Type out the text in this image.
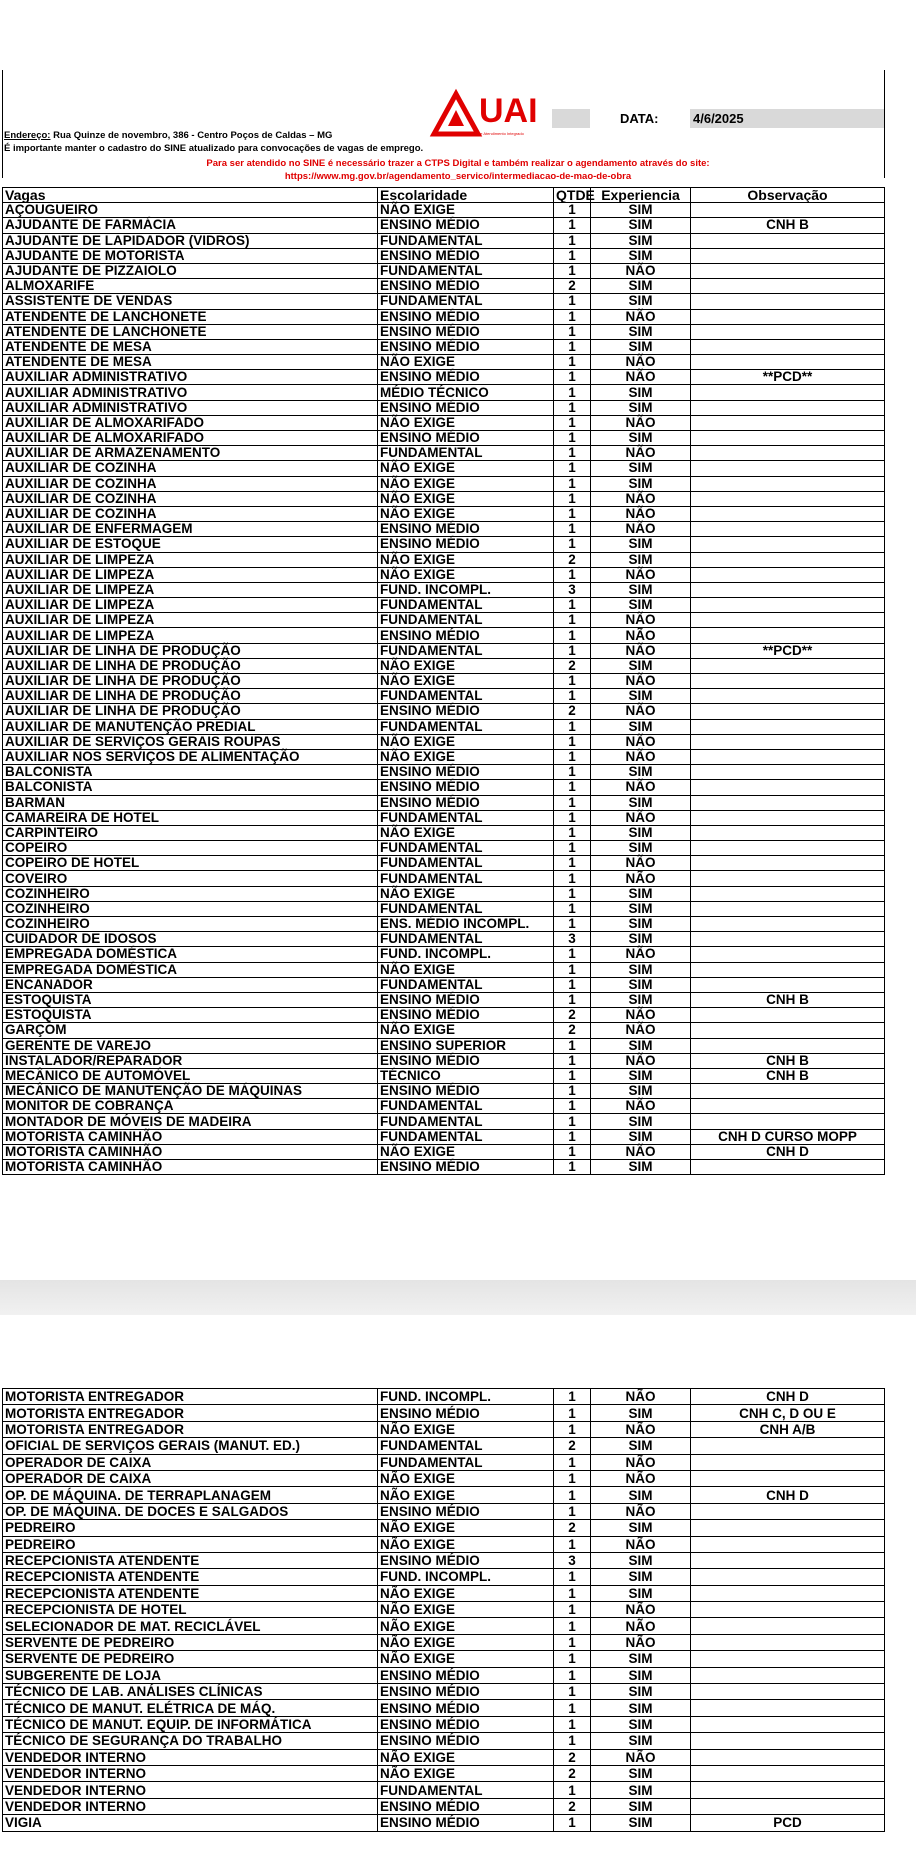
UAI
Unidade de Atendimento Integrado
DATA:	4/6/2025
Endereço: Rua Quinze de novembro, 386 - Centro Poços de Caldas – MG
É importante manter o cadastro do SINE atualizado para convocações de vagas de emprego.
Para ser atendido no SINE é necessário trazer a CTPS Digital e também realizar o agendamento através do site:
https://www.mg.gov.br/agendamento_servico/intermediacao-de-mao-de-obra
Vagas	Escolaridade	QTDE	Experiencia	Observação
AÇOUGUEIRO	NÃO EXIGE	1	SIM	
AJUDANTE DE FARMÁCIA	ENSINO MÉDIO	1	SIM	CNH B
AJUDANTE DE LAPIDADOR (VIDROS)	FUNDAMENTAL	1	SIM	
AJUDANTE DE MOTORISTA	ENSINO MÉDIO	1	SIM	
AJUDANTE DE PIZZAIOLO	FUNDAMENTAL	1	NÃO	
ALMOXARIFE	ENSINO MÉDIO	2	SIM	
ASSISTENTE DE VENDAS	FUNDAMENTAL	1	SIM	
ATENDENTE DE LANCHONETE	ENSINO MÉDIO	1	NÃO	
ATENDENTE DE LANCHONETE	ENSINO MÉDIO	1	SIM	
ATENDENTE DE MESA	ENSINO MÉDIO	1	SIM	
ATENDENTE DE MESA	NÃO EXIGE	1	NÃO	
AUXILIAR ADMINISTRATIVO	ENSINO MÉDIO	1	NÃO	**PCD**
AUXILIAR ADMINISTRATIVO	MÉDIO TÉCNICO	1	SIM	
AUXILIAR ADMINISTRATIVO	ENSINO MÉDIO	1	SIM	
AUXILIAR DE ALMOXARIFADO	NÃO EXIGE	1	NÃO	
AUXILIAR DE ALMOXARIFADO	ENSINO MÉDIO	1	SIM	
AUXILIAR DE ARMAZENAMENTO	FUNDAMENTAL	1	NÃO	
AUXILIAR DE COZINHA	NÃO EXIGE	1	SIM	
AUXILIAR DE COZINHA	NÃO EXIGE	1	SIM	
AUXILIAR DE COZINHA	NÃO EXIGE	1	NÃO	
AUXILIAR DE COZINHA	NÃO EXIGE	1	NÃO	
AUXILIAR DE ENFERMAGEM	ENSINO MÉDIO	1	NÃO	
AUXILIAR DE ESTOQUE	ENSINO MÉDIO	1	SIM	
AUXILIAR DE LIMPEZA	NÃO EXIGE	2	SIM	
AUXILIAR DE LIMPEZA	NÃO EXIGE	1	NÃO	
AUXILIAR DE LIMPEZA	FUND. INCOMPL.	3	SIM	
AUXILIAR DE LIMPEZA	FUNDAMENTAL	1	SIM	
AUXILIAR DE LIMPEZA	FUNDAMENTAL	1	NÃO	
AUXILIAR DE LIMPEZA	ENSINO MÉDIO	1	NÃO	
AUXILIAR DE LINHA DE PRODUÇÃO	FUNDAMENTAL	1	NÃO	**PCD**
AUXILIAR DE LINHA DE PRODUÇÃO	NÃO EXIGE	2	SIM	
AUXILIAR DE LINHA DE PRODUÇÃO	NÃO EXIGE	1	NÃO	
AUXILIAR DE LINHA DE PRODUÇÃO	FUNDAMENTAL	1	SIM	
AUXILIAR DE LINHA DE PRODUÇÃO	ENSINO MÉDIO	2	NÃO	
AUXILIAR DE MANUTENÇÃO PREDIAL	FUNDAMENTAL	1	SIM	
AUXILIAR DE SERVIÇOS GERAIS ROUPAS	NÃO EXIGE	1	NÃO	
AUXILIAR NOS SERVIÇOS DE ALIMENTAÇÃO	NÃO EXIGE	1	NÃO	
BALCONISTA	ENSINO MÉDIO	1	SIM	
BALCONISTA	ENSINO MÉDIO	1	NÃO	
BARMAN	ENSINO MÉDIO	1	SIM	
CAMAREIRA DE HOTEL	FUNDAMENTAL	1	NÃO	
CARPINTEIRO	NÃO EXIGE	1	SIM	
COPEIRO	FUNDAMENTAL	1	SIM	
COPEIRO DE HOTEL	FUNDAMENTAL	1	NÃO	
COVEIRO	FUNDAMENTAL	1	NÃO	
COZINHEIRO	NÃO EXIGE	1	SIM	
COZINHEIRO	FUNDAMENTAL	1	SIM	
COZINHEIRO	ENS. MÉDIO INCOMPL.	1	SIM	
CUIDADOR DE IDOSOS	FUNDAMENTAL	3	SIM	
EMPREGADA DOMÉSTICA	FUND. INCOMPL.	1	NÃO	
EMPREGADA DOMÉSTICA	NÃO EXIGE	1	SIM	
ENCANADOR	FUNDAMENTAL	1	SIM	
ESTOQUISTA	ENSINO MÉDIO	1	SIM	CNH B
ESTOQUISTA	ENSINO MÉDIO	2	NÃO	
GARÇOM	NÃO EXIGE	2	NÃO	
GERENTE DE VAREJO	ENSINO SUPERIOR	1	SIM	
INSTALADOR/REPARADOR	ENSINO MÉDIO	1	NÃO	CNH B
MECÂNICO DE AUTOMÓVEL	TÉCNICO	1	SIM	CNH B
MECÂNICO DE MANUTENÇÃO DE MÁQUINAS	ENSINO MÉDIO	1	SIM	
MONITOR DE COBRANÇA	FUNDAMENTAL	1	NÃO	
MONTADOR DE MÓVEIS DE MADEIRA	FUNDAMENTAL	1	SIM	
MOTORISTA CAMINHÃO	FUNDAMENTAL	1	SIM	CNH D CURSO MOPP
MOTORISTA CAMINHÃO	NÃO EXIGE	1	NÃO	CNH D
MOTORISTA CAMINHÃO	ENSINO MÉDIO	1	SIM	
MOTORISTA ENTREGADOR	FUND. INCOMPL.	1	NÃO	CNH D
MOTORISTA ENTREGADOR	ENSINO MÉDIO	1	SIM	CNH C, D OU E
MOTORISTA ENTREGADOR	NÃO EXIGE	1	NÃO	CNH A/B
OFICIAL DE SERVIÇOS GERAIS (MANUT. ED.)	FUNDAMENTAL	2	SIM	
OPERADOR DE CAIXA	FUNDAMENTAL	1	NÃO	
OPERADOR DE CAIXA	NÃO EXIGE	1	NÃO	
OP. DE MÁQUINA. DE TERRAPLANAGEM	NÃO EXIGE	1	SIM	CNH D
OP. DE MÁQUINA. DE DOCES E SALGADOS	ENSINO MÉDIO	1	NÃO	
PEDREIRO	NÃO EXIGE	2	SIM	
PEDREIRO	NÃO EXIGE	1	NÃO	
RECEPCIONISTA ATENDENTE	ENSINO MÉDIO	3	SIM	
RECEPCIONISTA ATENDENTE	FUND. INCOMPL.	1	SIM	
RECEPCIONISTA ATENDENTE	NÃO EXIGE	1	SIM	
RECEPCIONISTA DE HOTEL	NÃO EXIGE	1	NÃO	
SELECIONADOR DE MAT. RECICLÁVEL	NÃO EXIGE	1	NÃO	
SERVENTE DE PEDREIRO	NÃO EXIGE	1	NÃO	
SERVENTE DE PEDREIRO	NÃO EXIGE	1	SIM	
SUBGERENTE DE LOJA	ENSINO MÉDIO	1	SIM	
TÉCNICO DE LAB. ANÁLISES CLÍNICAS	ENSINO MÉDIO	1	SIM	
TÉCNICO DE MANUT. ELÉTRICA DE MÁQ.	ENSINO MÉDIO	1	SIM	
TÉCNICO DE MANUT. EQUIP. DE INFORMÁTICA	ENSINO MÉDIO	1	SIM	
TÉCNICO DE SEGURANÇA DO TRABALHO	ENSINO MÉDIO	1	SIM	
VENDEDOR INTERNO	NÃO EXIGE	2	NÃO	
VENDEDOR INTERNO	NÃO EXIGE	2	SIM	
VENDEDOR INTERNO	FUNDAMENTAL	1	SIM	
VENDEDOR INTERNO	ENSINO MÉDIO	2	SIM	
VIGIA	ENSINO MÉDIO	1	SIM	PCD
